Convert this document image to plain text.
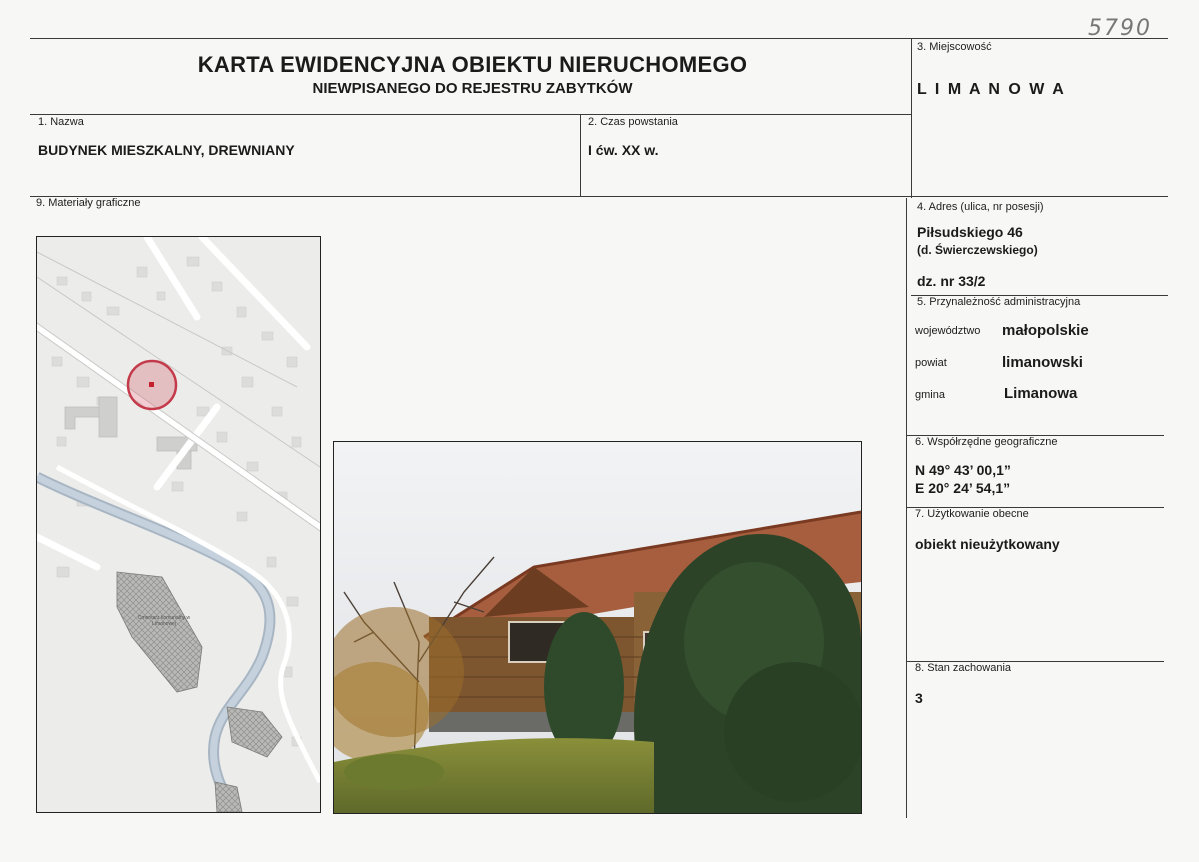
5790
KARTA EWIDENCYJNA OBIEKTU NIERUCHOMEGO
NIEWPISANEGO DO REJESTRU ZABYTKÓW
3. Miejscowość
L I M A N O W A
1. Nazwa
BUDYNEK MIESZKALNY, DREWNIANY
2. Czas powstania
I ćw. XX w.
9. Materiały graficzne	4. Adres (ulica, nr posesji)
Piłsudskiego 46
(d. Świerczewskiego)
dz. nr 33/2
5. Przynależność administracyjna
województwo małopolskie
powiat	limanowski
gmina	Limanowa
6. Współrzędne geograficzne
N 49° 43’ 00,1”
E 20° 24’ 54,1”
7. Użytkowanie obecne
obiekt nieużytkowany
8. Stan zachowania
3
Cmentarz komunalny w Limanowej
